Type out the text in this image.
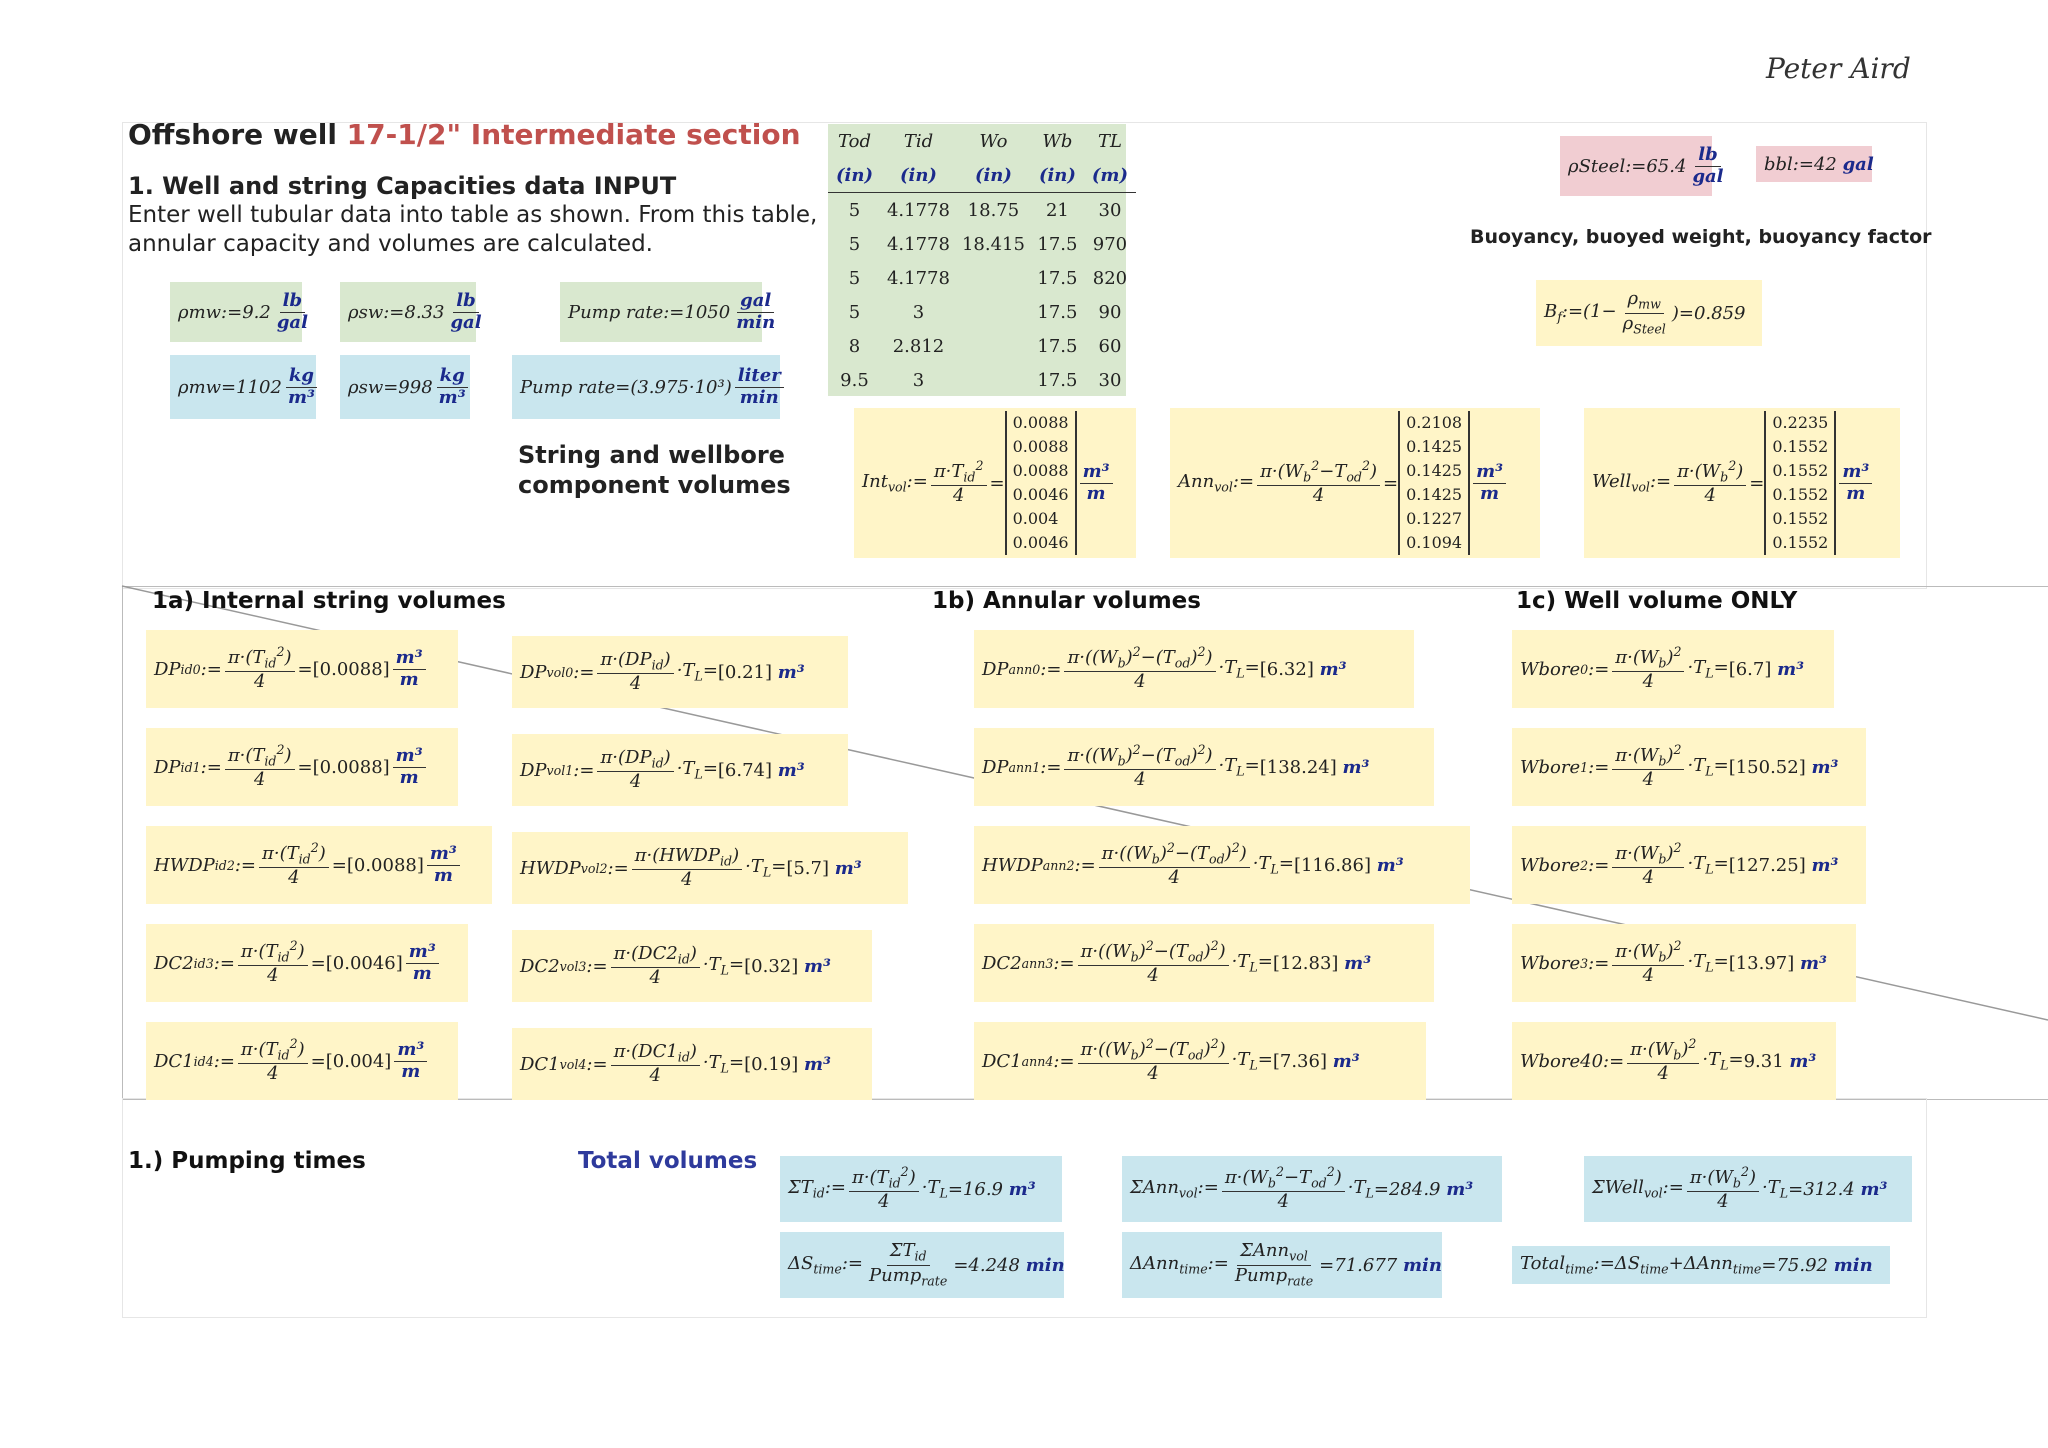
Peter Aird
Offshore well 17-1/2" Intermediate section
1. Well and string Capacities data INPUT
Enter well tubular data into table as shown. From this table,
annular capacity and volumes are calculated.
ρmw:=9.2 $\frac{lb}{\text{gal}}$ ρsw:=8.33 $\frac{lb}{\text{gal}}$	Pump rate:=1050 $\frac{\text{gal}}{\min}$
$\rho mw=1102 \frac{kg}{\text{m³}} \rho sw=998 \frac{kg}{\text{m³}}$	Pump rate=(3.975·10³) $\frac{\text{liter}}{\min}$
Tod	Tid	Wo	Wb	TL
(in)	(in)	(in)	(in)	(m)
5	4.1778	18.75	21	30
5	4.1778	18.415	17.5	970
5	4.1778		17.5	820
5	3		17.5	90
8	2.812		17.5	60
9.5	3		17.5	30
ρSteel:=65.4 $\frac{lb}{\text{gal}}$ bbl:=42
gal
Buoyancy, buoyed weight, buoyancy factor
$B_f:=(1- \frac{\rho_{mw}}{\rho_{Steel}}$ ) =0.859
String and wellbore
component volumes	Int$_{vol}$:= $\frac{\pi\cdot T_{id}^2}{4}$ =
0.0088
0.0088
0.0088
0.0046
0.004
0.0046
$\frac{\text{m³}}{m}$	Ann$_{vol}$:= $\frac{\pi\cdot(W_b^2-T_{od}^2)}{4}$ =
0.2108
0.1425
0.1425
0.1425
0.1227
0.1094
$\frac{\text{m³}}{m}$	Well$_{vol}$:= $\frac{\pi\cdot(W_b^2)}{4}$ =
0.2235
0.1552
0.1552
0.1552
0.1552
0.1552
$\frac{\text{m³}}{m}$
1a) Internal string volumes	1b) Annular volumes	1c) Well volume ONLY
DP id 0 := $\frac{\pi\cdot(T_{id}^2)}{4} = [0.0088] \frac{\text{m³}}{m}$	DP vol 0 := $\frac{\pi\cdot(DP_{id})}{4} \cdot T_L= [0.21]$
m³	DP ann 0 := $\frac{\pi\cdot((W_b)^2-(T_{od})^2)}{4} \cdot T_L= [6.32]$
m³	Wbore 0 := $\frac{\pi\cdot(W_b)^2}{4} \cdot T_L= [6.7]$
m³
DP id 1 := $\frac{\pi\cdot(T_{id}^2)}{4} = [0.0088] \frac{\text{m³}}{m}$	DP vol 1 := $\frac{\pi\cdot(DP_{id})}{4} \cdot T_L= [6.74]$
m³	DP ann 1 := $\frac{\pi\cdot((W_b)^2-(T_{od})^2)}{4} \cdot T_L= [138.24]$
m³	Wbore 1 := $\frac{\pi\cdot(W_b)^2}{4} \cdot T_L= [150.52]$
m³
HWDP id 2 := $\frac{\pi\cdot(T_{id}^2)}{4} = [0.0088] \frac{\text{m³}}{m}$	HWDP vol 2 := $\frac{\pi\cdot(HWDP_{id})}{4} \cdot T_L= [5.7]$
m³	HWDP ann 2 := $\frac{\pi\cdot((W_b)^2-(T_{od})^2)}{4} \cdot T_L= [116.86]$
m³	Wbore 2 := $\frac{\pi\cdot(W_b)^2}{4} \cdot T_L= [127.25]$
m³
DC2 id 3 := $\frac{\pi\cdot(T_{id}^2)}{4} = [0.0046] \frac{\text{m³}}{m}$	DC2 vol 3 := $\frac{\pi\cdot(DC2_{id})}{4} \cdot T_L= [0.32]$
m³	DC2 ann 3 := $\frac{\pi\cdot((W_b)^2-(T_{od})^2)}{4} \cdot T_L= [12.83]$
m³	Wbore 3 := $\frac{\pi\cdot(W_b)^2}{4} \cdot T_L= [13.97]$
m³
DC1 id 4 := $\frac{\pi\cdot(T_{id}^2)}{4} = [0.004] \frac{\text{m³}}{m}$	DC1 vol 4 := $\frac{\pi\cdot(DC1_{id})}{4} \cdot T_L= [0.19]$
m³	DC1 ann 4 := $\frac{\pi\cdot((W_b)^2-(T_{od})^2)}{4} \cdot T_L= [7.36]$
m³	Wbore40 := $\frac{\pi\cdot(W_b)^2}{4} \cdot T_L= 9.31$
m³
1.) Pumping times	Total volumes
$\Sigma T_{id}:= \frac{\pi\cdot(T_{id}^2)}{4} \cdot T_L =16.9$
m³	ΣAnn$_{vol}$:= $\frac{\pi\cdot(W_b^2-T_{od}^2)}{4} \cdot T_L =284.9$
m³	ΣWell$_{vol}$:= $\frac{\pi\cdot(W_b^2)}{4} \cdot T_L =312.4$
m³
$\Delta S_{time}:= \frac{\Sigma T_{id}}{Pump_{rate}} =4.248$
min	ΔAnn$_{time}$:= $\frac{\Sigma Ann_{vol}}{Pump_{rate}} =71.677$
min	$Total_{time}:=\Delta S_{time}+\Delta Ann_{time} =75.92$
min
